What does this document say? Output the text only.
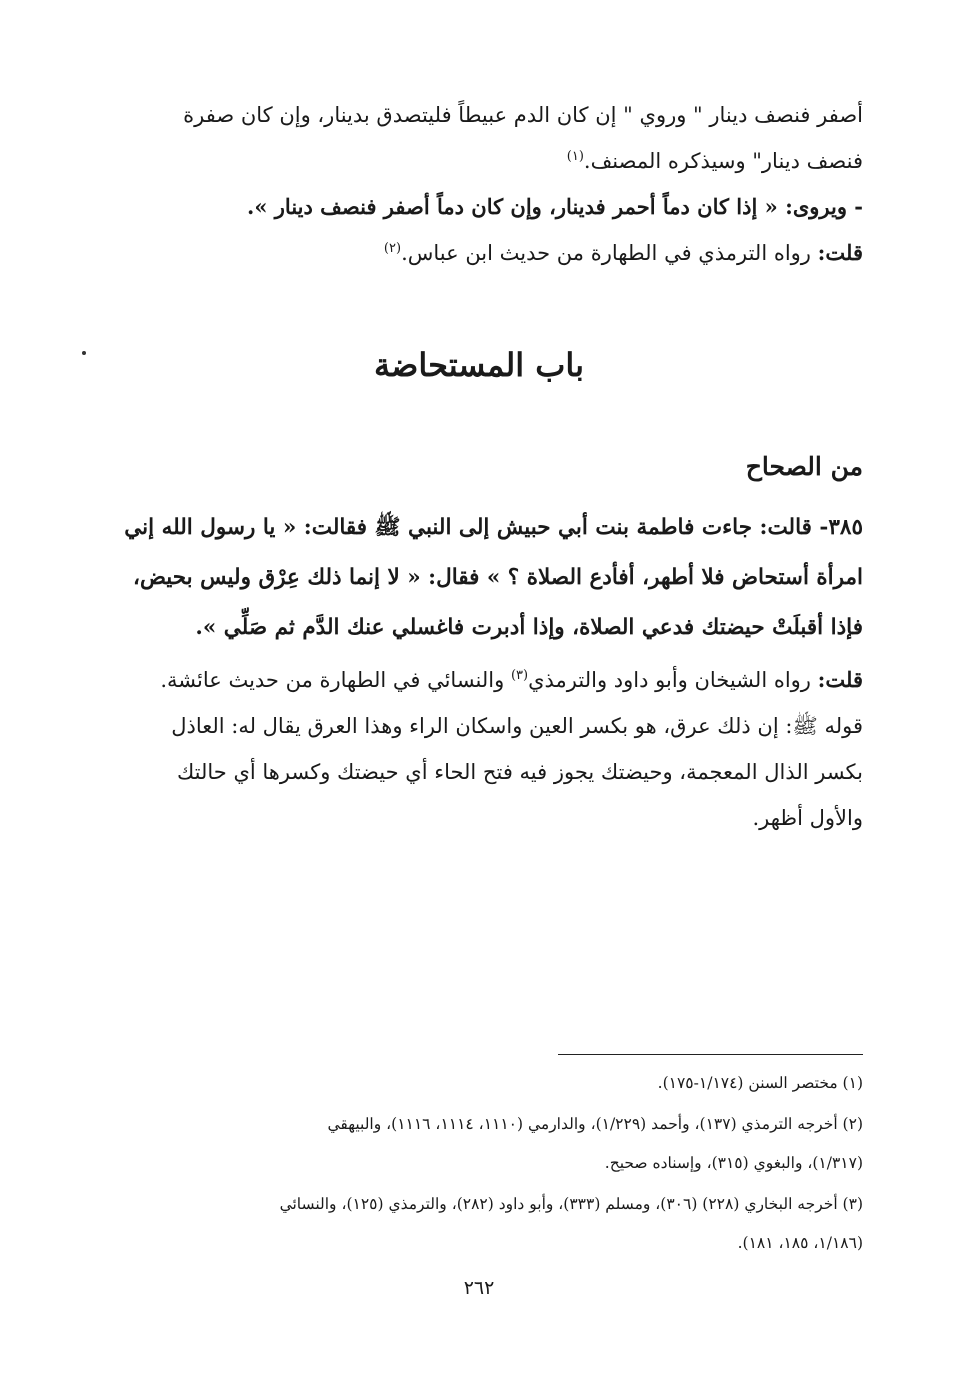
أصفر فنصف دينار " وروي " إن كان الدم عبيطاً فليتصدق بدينار، وإن كان صفرة
فنصف دينار" وسيذكره المصنف.$^{(١)}$
- ويروى: « إذا كان دماً أحمر فدينار، وإن كان دماً أصفر فنصف دينار ».
قلت: رواه الترمذي في الطهارة من حديث ابن عباس.$^{(٢)}$
باب المستحاضة
من الصحاح
٣٨٥- قالت: جاءت فاطمة بنت أبي حبيش إلى النبي ﷺ فقالت: « يا رسول الله إني
امرأة أستحاض فلا أطهر، أفأدع الصلاة ؟ » فقال: « لا إنما ذلك عِرْق وليس بحيض،
فإذا أقبلَتْ حيضتك فدعي الصلاة، وإذا أدبرت فاغسلي عنك الدَّم ثم صَلِّي ».
قلت: رواه الشيخان وأبو داود والترمذي$^{(٣)}$ والنسائي في الطهارة من حديث عائشة.
قوله ﷺ: إن ذلك عرق، هو بكسر العين واسكان الراء وهذا العرق يقال له: العاذل
بكسر الذال المعجمة، وحيضتك يجوز فيه فتح الحاء أي حيضتك وكسرها أي حالتك
والأول أظهر.
(١) مختصر السنن (١/١٧٤-١٧٥).
(٢) أخرجه الترمذي (١٣٧)، وأحمد (١/٢٢٩)، والدارمي (١١١٠، ١١١٤، ١١١٦)، والبيهقي
(١/٣١٧)، والبغوي (٣١٥)، وإسناده صحيح.
(٣) أخرجه البخاري (٢٢٨) (٣٠٦)، ومسلم (٣٣٣)، وأبو داود (٢٨٢)، والترمذي (١٢٥)، والنسائي
(١/١٨٦، ١٨٥، ١٨١).
٢٦٢
